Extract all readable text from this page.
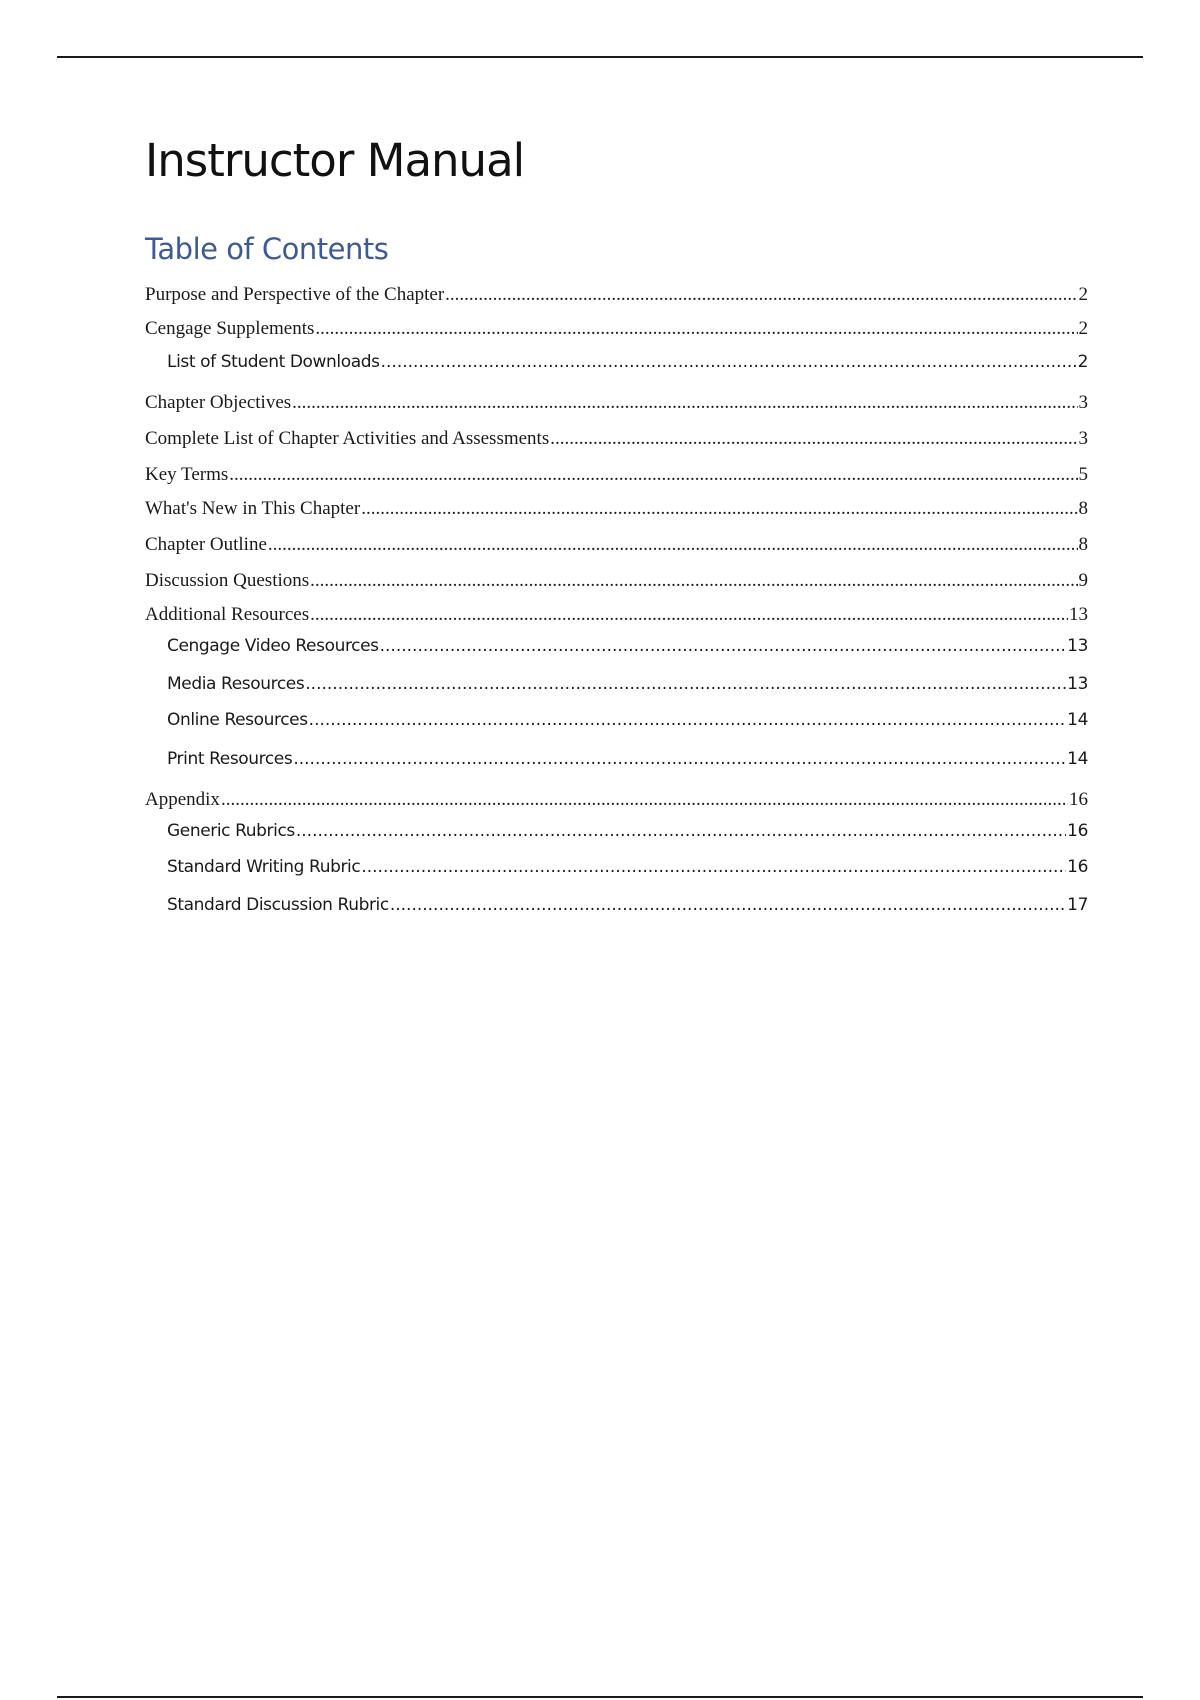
Instructor Manual
Table of Contents
Purpose and Perspective of the Chapter .....	2
Cengage Supplements .....	2
List of Student Downloads .....	2
Chapter Objectives .....	3
Complete List of Chapter Activities and Assessments .....	3
Key Terms .....	5
What's New in This Chapter .....	8
Chapter Outline .....	8
Discussion Questions .....	9
Additional Resources .....	13
Cengage Video Resources .....	13
Media Resources .....	13
Online Resources .....	14
Print Resources .....	14
Appendix .....	16
Generic Rubrics .....	16
Standard Writing Rubric .....	16
Standard Discussion Rubric .....	17
